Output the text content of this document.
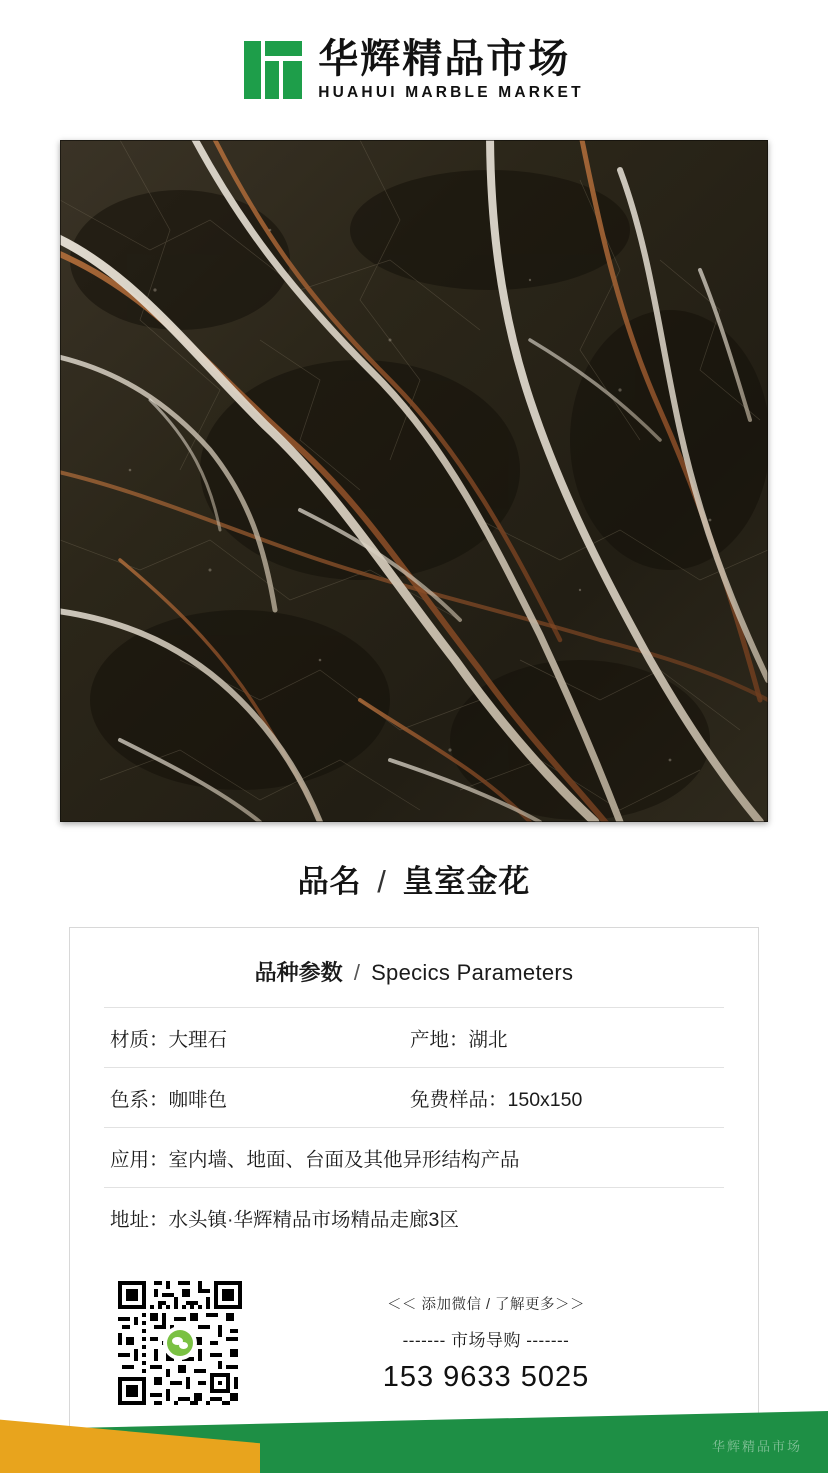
华辉精品市场
HUAHUI MARBLE MARKET
品名 / 皇室金花
品种参数 / Specics Parameters
材质： 大理石	产地： 湖北
色系： 咖啡色	免费样品： 150x150
应用： 室内墙、地面、台面及其他异形结构产品
地址： 水头镇·华辉精品市场精品走廊3区
＜＜ 添加微信 / 了解更多＞＞
------- 市场导购 -------
153 9633 5025
华辉精品市场
